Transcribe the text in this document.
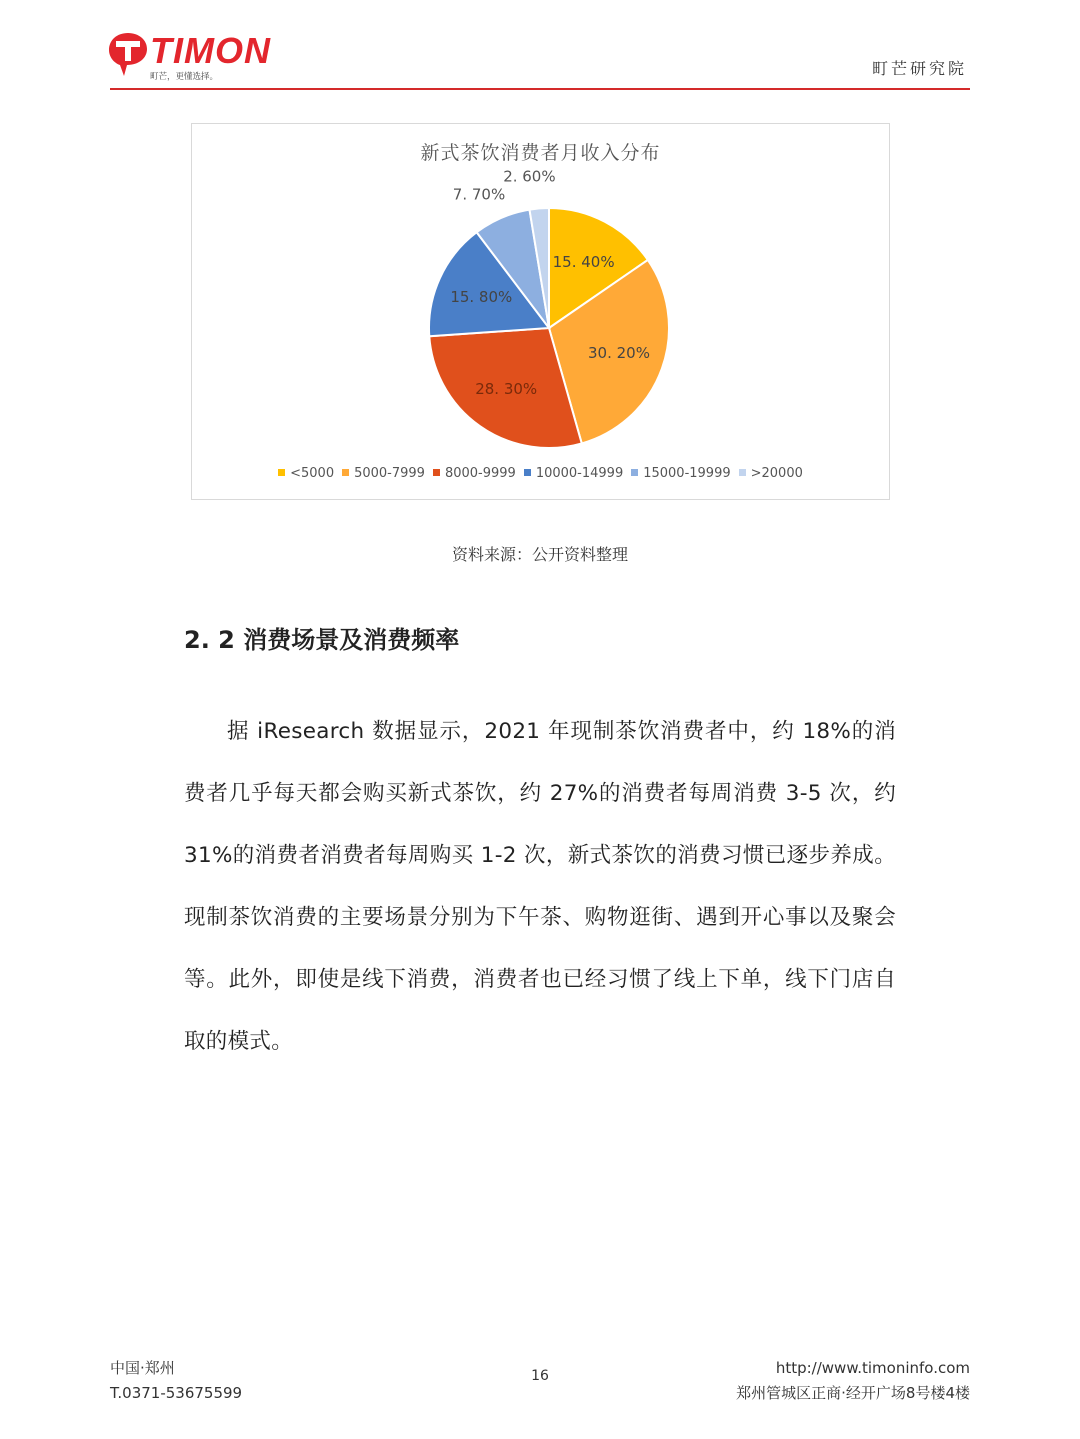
TIMON
町芒，更懂选择。	町芒研究院
新式茶饮消费者月收入分布
15. 40%
30. 20%
28. 30%
15. 80%
7. 70%
2. 60%
<5000 5000-7999 8000-9999 10000-14999 15000-19999 >20000
资料来源：公开资料整理
2. 2 消费场景及消费频率

据 iResearch 数据显示，2021 年现制茶饮消费者中，约 18%的消费者几乎每天都会购买新式茶饮，约 27%的消费者每周消费 3-5 次，约 31%的消费者消费者每周购买 1-2 次，新式茶饮的消费习惯已逐步养成。现制茶饮消费的主要场景分别为下午茶、购物逛街、遇到开心事以及聚会等。此外，即使是线下消费，消费者也已经习惯了线上下单，线下门店自取的模式。

中国·郑州
T.0371-53675599
16	http://www.timoninfo.com
郑州管城区正商·经开广场8号楼4楼
